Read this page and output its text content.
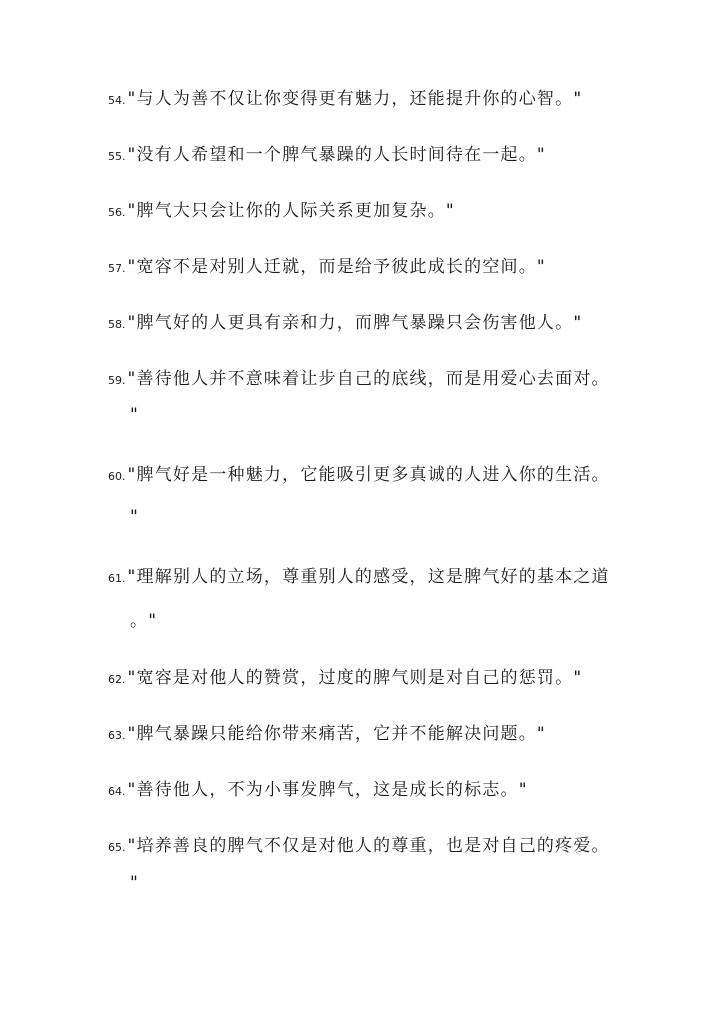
54. "与人为善不仅让你变得更有魅力，还能提升你的心智。"
55. "没有人希望和一个脾气暴躁的人长时间待在一起。"
56. "脾气大只会让你的人际关系更加复杂。"
57. "宽容不是对别人迁就，而是给予彼此成长的空间。"
58. "脾气好的人更具有亲和力，而脾气暴躁只会伤害他人。"
59. "善待他人并不意味着让步自己的底线，而是用爱心去面对。
"
60. "脾气好是一种魅力，它能吸引更多真诚的人进入你的生活。
"
61. "理解别人的立场，尊重别人的感受，这是脾气好的基本之道
。"
62. "宽容是对他人的赞赏，过度的脾气则是对自己的惩罚。"
63. "脾气暴躁只能给你带来痛苦，它并不能解决问题。"
64. "善待他人，不为小事发脾气，这是成长的标志。"
65. "培养善良的脾气不仅是对他人的尊重，也是对自己的疼爱。
"
